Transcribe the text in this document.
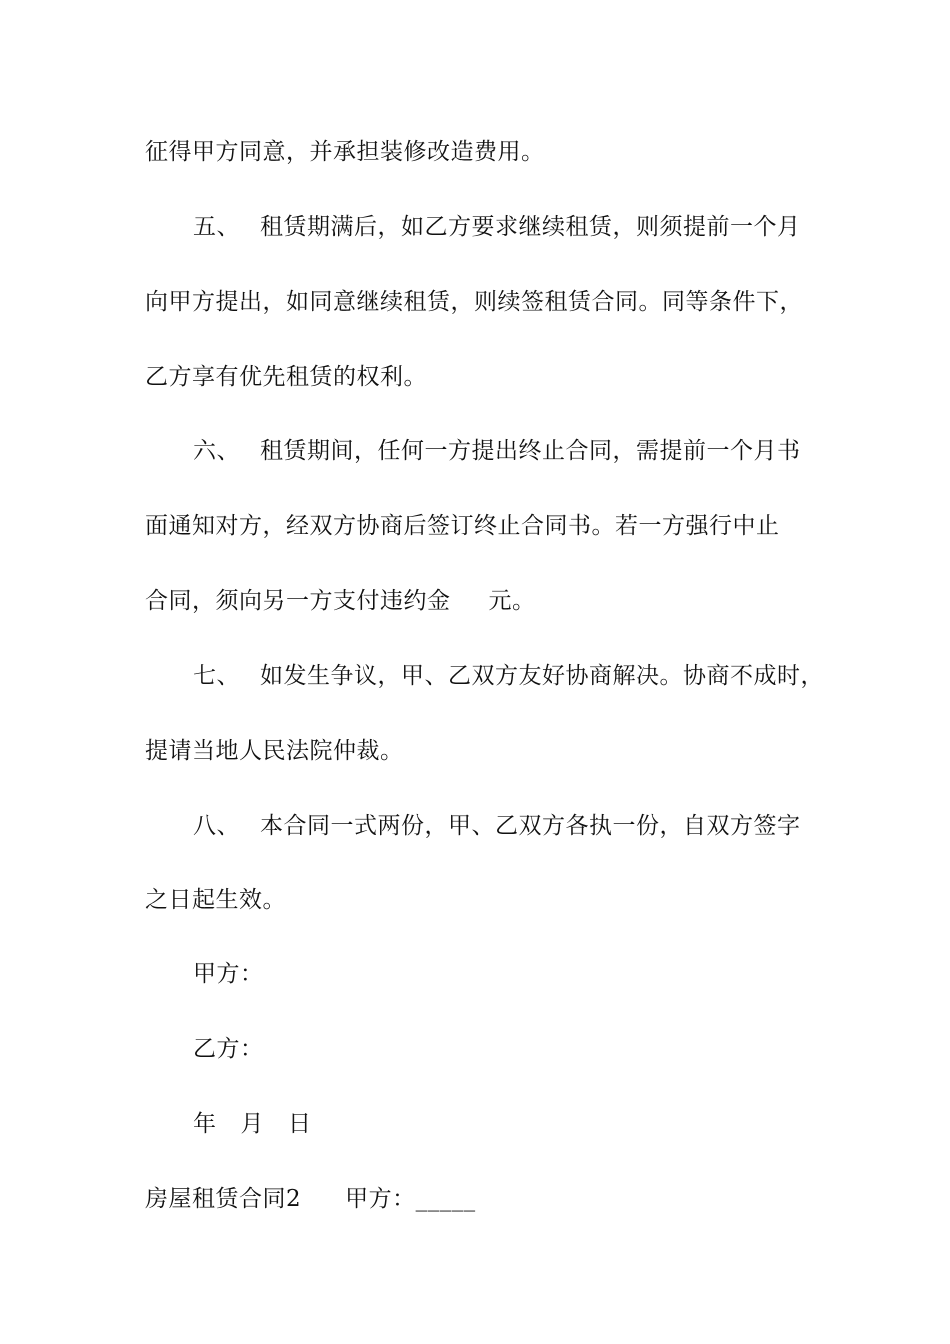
征得甲方同意，并承担装修改造费用。
五、 租赁期满后，如乙方要求继续租赁，则须提前一个月
向甲方提出，如同意继续租赁，则续签租赁合同。同等条件下，
乙方享有优先租赁的权利。
六、 租赁期间，任何一方提出终止合同，需提前一个月书
面通知对方，经双方协商后签订终止合同书。若一方强行中止
合同，须向另一方支付违约金 元。
七、 如发生争议，甲、乙双方友好协商解决。协商不成时，
提请当地人民法院仲裁。
八、 本合同一式两份，甲、乙双方各执一份，自双方签字
之日起生效。
甲方：
乙方：
年 月 日
房屋租赁合同2 甲方：_____
